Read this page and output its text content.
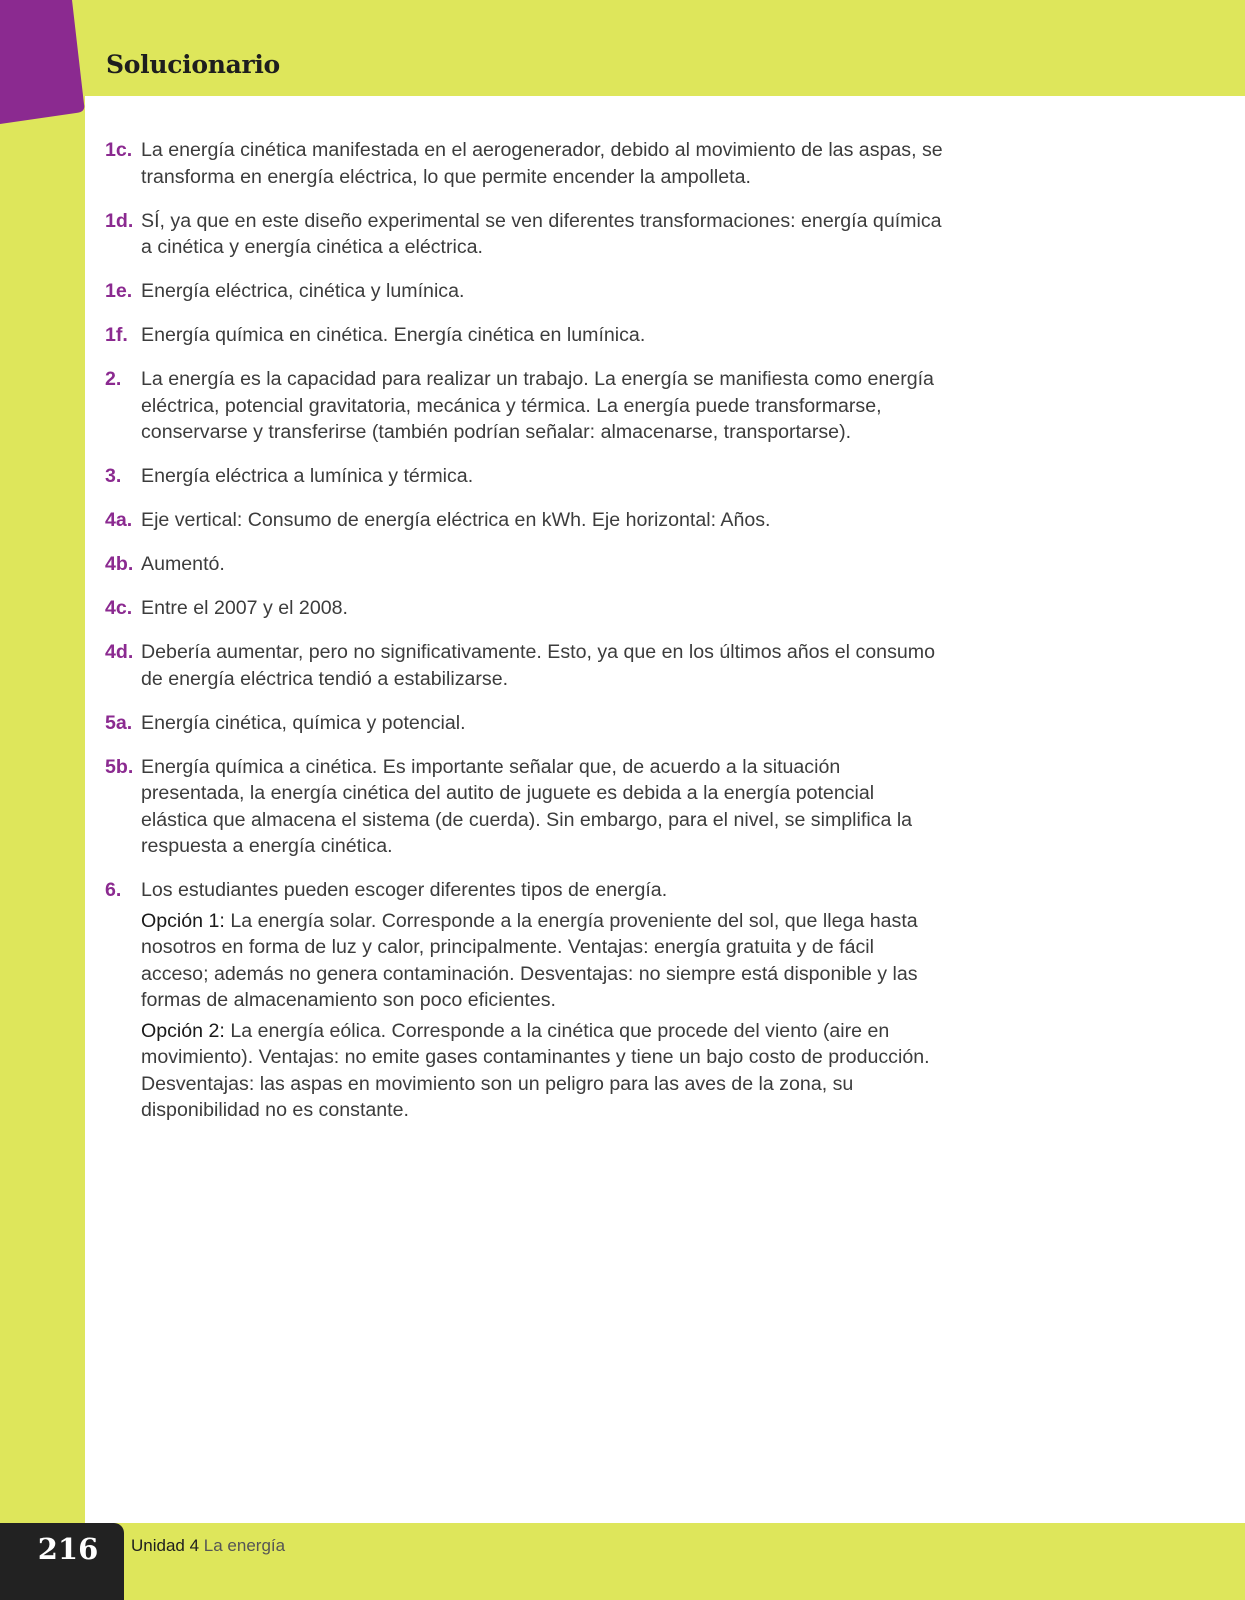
Solucionario
1c. La energía cinética manifestada en el aerogenerador, debido al movimiento de las aspas, se transforma en energía eléctrica, lo que permite encender la ampolleta.
1d. SÍ, ya que en este diseño experimental se ven diferentes transformaciones: energía química a cinética y energía cinética a eléctrica.
1e. Energía eléctrica, cinética y lumínica.
1f. Energía química en cinética. Energía cinética en lumínica.
2. La energía es la capacidad para realizar un trabajo. La energía se manifiesta como energía eléctrica, potencial gravitatoria, mecánica y térmica. La energía puede transformarse, conservarse y transferirse (también podrían señalar: almacenarse, transportarse).
3. Energía eléctrica a lumínica y térmica.
4a. Eje vertical: Consumo de energía eléctrica en kWh. Eje horizontal: Años.
4b. Aumentó.
4c. Entre el 2007 y el 2008.
4d. Debería aumentar, pero no significativamente. Esto, ya que en los últimos años el consumo de energía eléctrica tendió a estabilizarse.
5a. Energía cinética, química y potencial.
5b. Energía química a cinética. Es importante señalar que, de acuerdo a la situación presentada, la energía cinética del autito de juguete es debida a la energía potencial elástica que almacena el sistema (de cuerda). Sin embargo, para el nivel, se simplifica la respuesta a energía cinética.
6. Los estudiantes pueden escoger diferentes tipos de energía.
Opción 1: La energía solar. Corresponde a la energía proveniente del sol, que llega hasta nosotros en forma de luz y calor, principalmente. Ventajas: energía gratuita y de fácil acceso; además no genera contaminación. Desventajas: no siempre está disponible y las formas de almacenamiento son poco eficientes.
Opción 2: La energía eólica. Corresponde a la cinética que procede del viento (aire en movimiento). Ventajas: no emite gases contaminantes y tiene un bajo costo de producción. Desventajas: las aspas en movimiento son un peligro para las aves de la zona, su disponibilidad no es constante.
216	Unidad 4 La energía
